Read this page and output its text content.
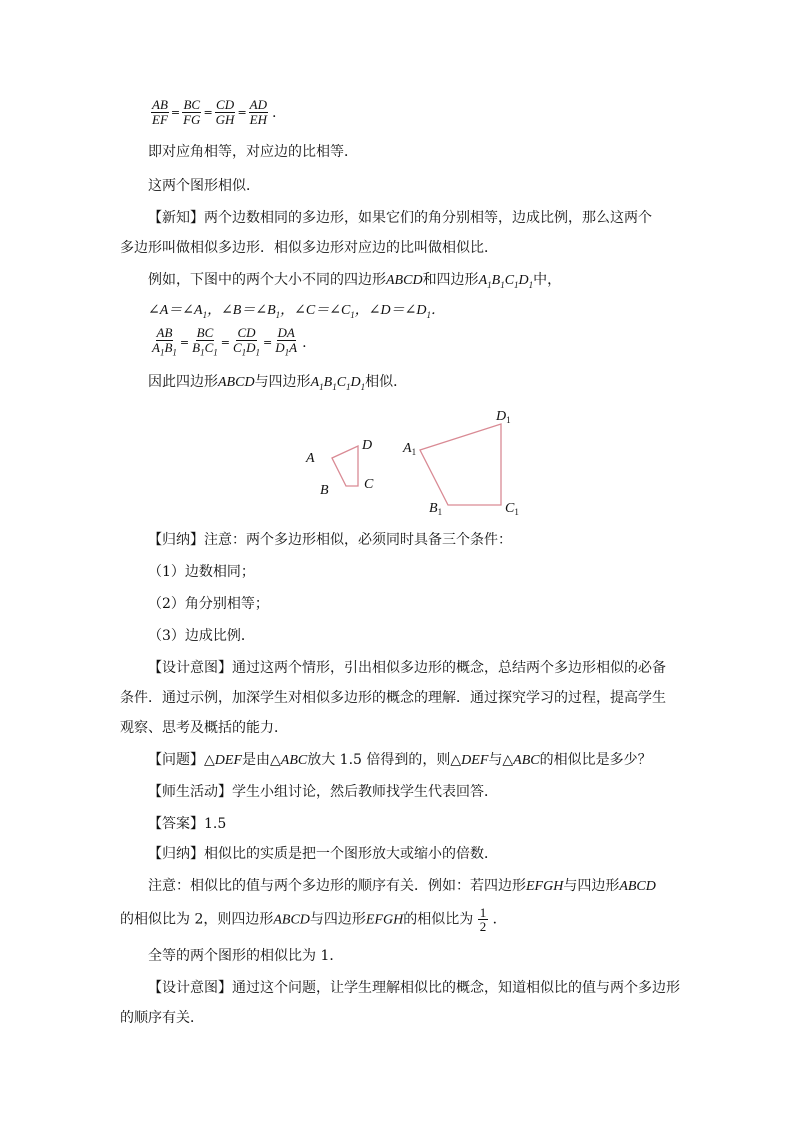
$\frac{AB}{EF} = \frac{BC}{FG} = \frac{CD}{GH} = \frac{AD}{EH}$ .
即对应角相等，对应边的比相等．
这两个图形相似．
【新知】两个边数相同的多边形，如果它们的角分别相等，边成比例，那么这两个
多边形叫做相似多边形．相似多边形对应边的比叫做相似比．
例如，下图中的两个大小不同的四边形ABCD和四边形$A_1B_1C_1D_1$中，
$\angle A=\angle A_1$，$\angle B=\angle B_1$，$\angle C=\angle C_1$，$\angle D=\angle D_1$．
$\frac{AB}{A_1B_1} = \frac{BC}{B_1C_1} = \frac{CD}{C_1D_1} = \frac{DA}{D_1A}$ .
因此四边形ABCD与四边形$A_1B_1C_1D_1$相似．
A
D
C
B
$A_1$
$D_1$
$C_1$
$B_1$
【归纳】注意：两个多边形相似，必须同时具备三个条件：
（1）边数相同；
（2）角分别相等；
（3）边成比例．
【设计意图】通过这两个情形，引出相似多边形的概念，总结两个多边形相似的必备
条件．通过示例，加深学生对相似多边形的概念的理解．通过探究学习的过程，提高学生
观察、思考及概括的能力．
【问题】△DEF是由△ABC放大 1.5 倍得到的，则△DEF与△ABC的相似比是多少？
【师生活动】学生小组讨论，然后教师找学生代表回答．
【答案】1.5
【归纳】相似比的实质是把一个图形放大或缩小的倍数．
注意：相似比的值与两个多边形的顺序有关．例如：若四边形EFGH与四边形ABCD
的相似比为 2，则四边形ABCD与四边形EFGH的相似比为 $\frac{1}{2}$ ．
全等的两个图形的相似比为 1．
【设计意图】通过这个问题，让学生理解相似比的概念，知道相似比的值与两个多边形
的顺序有关．
